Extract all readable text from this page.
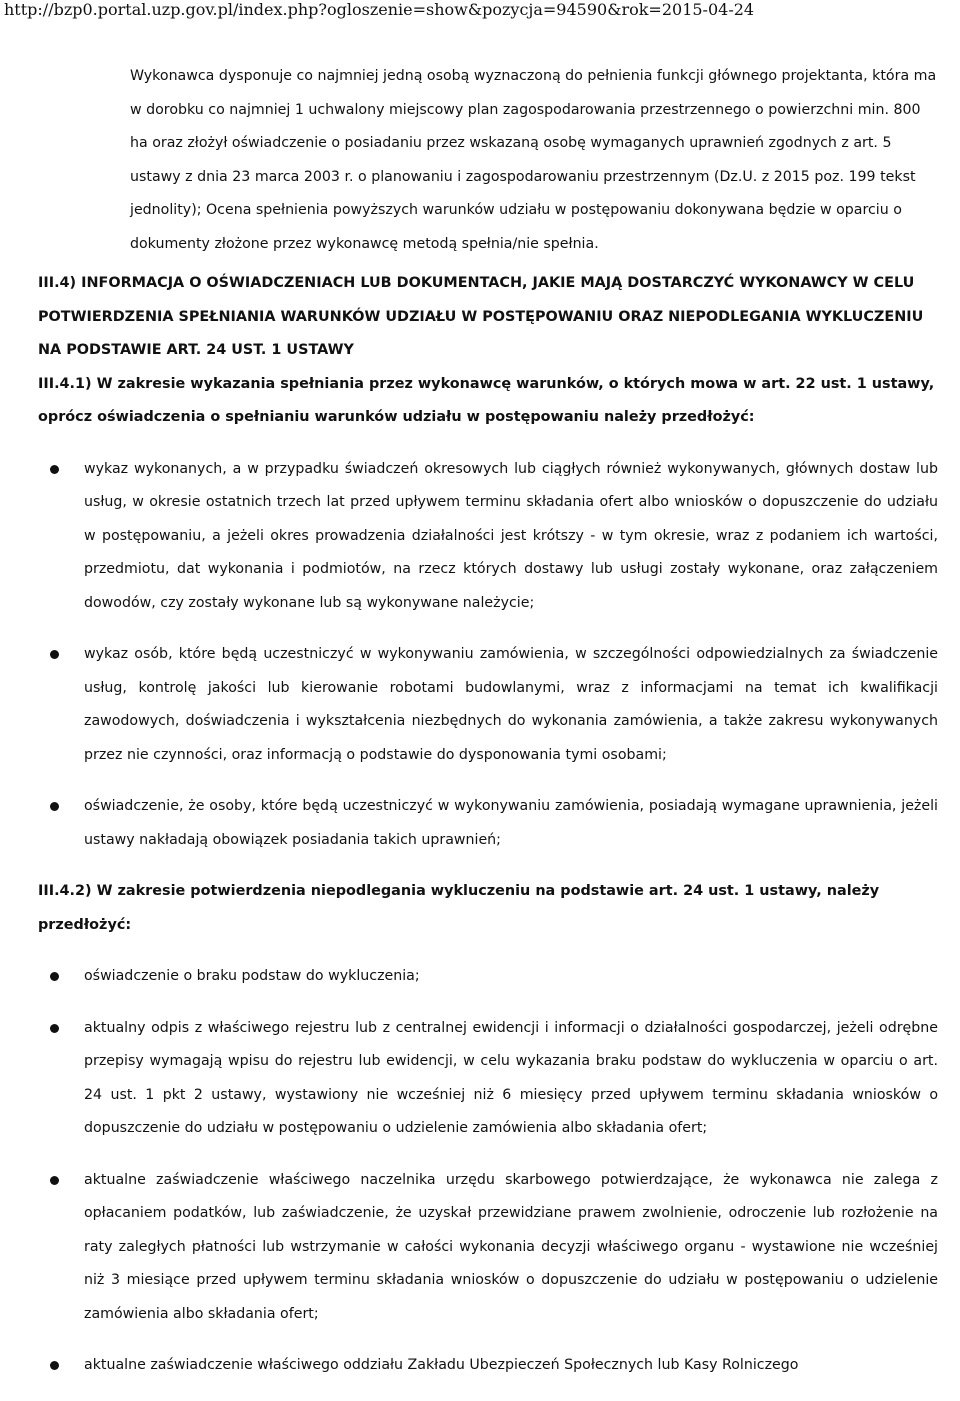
http://bzp0.portal.uzp.gov.pl/index.php?ogloszenie=show&pozycja=94590&rok=2015-04-24

Wykonawca dysponuje co najmniej jedną osobą wyznaczoną do pełnienia funkcji głównego projektanta, która ma w dorobku co najmniej 1 uchwalony miejscowy plan zagospodarowania przestrzennego o powierzchni min. 800 ha oraz złożył oświadczenie o posiadaniu przez wskazaną osobę wymaganych uprawnień zgodnych z art. 5 ustawy z dnia 23 marca 2003 r. o planowaniu i zagospodarowaniu przestrzennym (Dz.U. z 2015 poz. 199 tekst jednolity); Ocena spełnienia powyższych warunków udziału w postępowaniu dokonywana będzie w oparciu o dokumenty złożone przez wykonawcę metodą spełnia/nie spełnia.

III.4) INFORMACJA O OŚWIADCZENIACH LUB DOKUMENTACH, JAKIE MAJĄ DOSTARCZYĆ WYKONAWCY W CELU POTWIERDZENIA SPEŁNIANIA WARUNKÓW UDZIAŁU W POSTĘPOWANIU ORAZ NIEPODLEGANIA WYKLUCZENIU NA PODSTAWIE ART. 24 UST. 1 USTAWY
III.4.1) W zakresie wykazania spełniania przez wykonawcę warunków, o których mowa w art. 22 ust. 1 ustawy, oprócz oświadczenia o spełnianiu warunków udziału w postępowaniu należy przedłożyć:
wykaz wykonanych, a w przypadku świadczeń okresowych lub ciągłych również wykonywanych, głównych dostaw lub usług, w okresie ostatnich trzech lat przed upływem terminu składania ofert albo wniosków o dopuszczenie do udziału w postępowaniu, a jeżeli okres prowadzenia działalności jest krótszy - w tym okresie, wraz z podaniem ich wartości, przedmiotu, dat wykonania i podmiotów, na rzecz których dostawy lub usługi zostały wykonane, oraz załączeniem dowodów, czy zostały wykonane lub są wykonywane należycie;
wykaz osób, które będą uczestniczyć w wykonywaniu zamówienia, w szczególności odpowiedzialnych za świadczenie usług, kontrolę jakości lub kierowanie robotami budowlanymi, wraz z informacjami na temat ich kwalifikacji zawodowych, doświadczenia i wykształcenia niezbędnych do wykonania zamówienia, a także zakresu wykonywanych przez nie czynności, oraz informacją o podstawie do dysponowania tymi osobami;
oświadczenie, że osoby, które będą uczestniczyć w wykonywaniu zamówienia, posiadają wymagane uprawnienia, jeżeli ustawy nakładają obowiązek posiadania takich uprawnień;
III.4.2) W zakresie potwierdzenia niepodlegania wykluczeniu na podstawie art. 24 ust. 1 ustawy, należy przedłożyć:
oświadczenie o braku podstaw do wykluczenia;
aktualny odpis z właściwego rejestru lub z centralnej ewidencji i informacji o działalności gospodarczej, jeżeli odrębne przepisy wymagają wpisu do rejestru lub ewidencji, w celu wykazania braku podstaw do wykluczenia w oparciu o art. 24 ust. 1 pkt 2 ustawy, wystawiony nie wcześniej niż 6 miesięcy przed upływem terminu składania wniosków o dopuszczenie do udziału w postępowaniu o udzielenie zamówienia albo składania ofert;
aktualne zaświadczenie właściwego naczelnika urzędu skarbowego potwierdzające, że wykonawca nie zalega z opłacaniem podatków, lub zaświadczenie, że uzyskał przewidziane prawem zwolnienie, odroczenie lub rozłożenie na raty zaległych płatności lub wstrzymanie w całości wykonania decyzji właściwego organu - wystawione nie wcześniej niż 3 miesiące przed upływem terminu składania wniosków o dopuszczenie do udziału w postępowaniu o udzielenie zamówienia albo składania ofert;
aktualne zaświadczenie właściwego oddziału Zakładu Ubezpieczeń Społecznych lub Kasy Rolniczego
